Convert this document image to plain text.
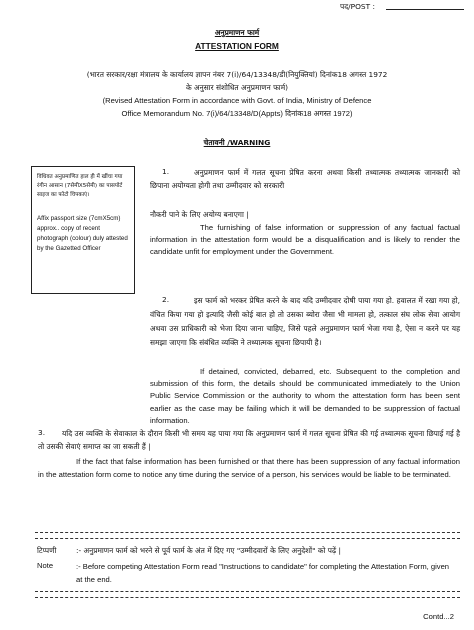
पद/POST :
अनुप्रमाणन फार्म
ATTESTATION FORM
(भारत सरकार/रक्षा मंत्रालय के कार्यालय ज्ञापन नंबर 7(i)/64/13348/डी(नियुक्तियां) दिनांक18 अगस्त 1972
के अनुसार संशोधित अनुप्रमाणन फार्म)
(Revised Attestation Form in accordance with Govt. of India, Ministry of Defence
Office Memorandum No. 7(i)/64/13348/D(Appts) दिनांक18 अगस्त 1972)
चेतावनी /WARNING
विधिवत अनुप्रमाणित हाल ही में खींचा गया रंगीन आसान (7सेमीX5सेमी) का पासपोर्ट साइज का फोटो चिपकाएं।
Affix passport size (7cmX5cm) approx.. copy of recent photograph (colour) duly attested by the Gazetted Officer
1.	अनुप्रमाणन फार्म में गलत सूचना प्रेषित करना अथवा किसी तथ्यात्मक तथ्यात्मक जानकारी को छिपाना अयोग्यता होगी तथा उम्मीदवार को सरकारी
नौकरी पाने के लिए अयोग्य बनाएगा |
The furnishing of false information or suppression of any factual factual information in the attestation form would be a disqualification and is likely to render the candidate unfit for employment under the Government.
2.	इस फार्म को भरकर प्रेषित करने के बाद यदि उम्मीदवार दोषी पाया गया हो. हवालत में रखा गया हो, वंचित किया गया हो इत्यादि जैसी कोई बात हो तो उसका ब्योरा जैसा भी मामला हो, तत्काल संघ लोक सेवा आयोग अथवा उस प्राधिकारी को भेजा दिया जाना चाहिए, जिसे पहले अनुप्रमाणन फार्म भेजा गया है, ऐसा न करने पर यह समझा जाएगा कि संबंधित व्यक्ति ने तथ्यात्मक सूचना छिपायी है।
If detained, convicted, debarred, etc. Subsequent to the completion and submission of this form, the details should be communicated immediately to the Union Public Service Commission or the authority to whom the attestation form has been sent earlier as the case may be failing which it will be demanded to be suppression of factual information.
3.	यदि उस व्यक्ति के सेवाकाल के दौरान किसी भी समय यह पाया गया कि अनुप्रमाणन फार्म में गलत सूचना प्रेषित की गई तथ्यात्मक सूचना छिपाई गई है तो उसकी सेवाएं समाप्त का जा सकती हैं |
If the fact that false information has been furnished or that there has been suppression of any factual information in the attestation form come to notice any time during the service of a person, his services would be liable to be terminated.
टिप्पणी	:- अनुप्रमाणन फार्म को भरने से पूर्व फार्म के अंत में दिए गए "उम्मीदवारों के लिए अनुदेशों" को पढ़ें |
Note	:- Before competing Attestation Form read "Instructions to candidate" for completing the Attestation Form, given at the end.
Contd...2
